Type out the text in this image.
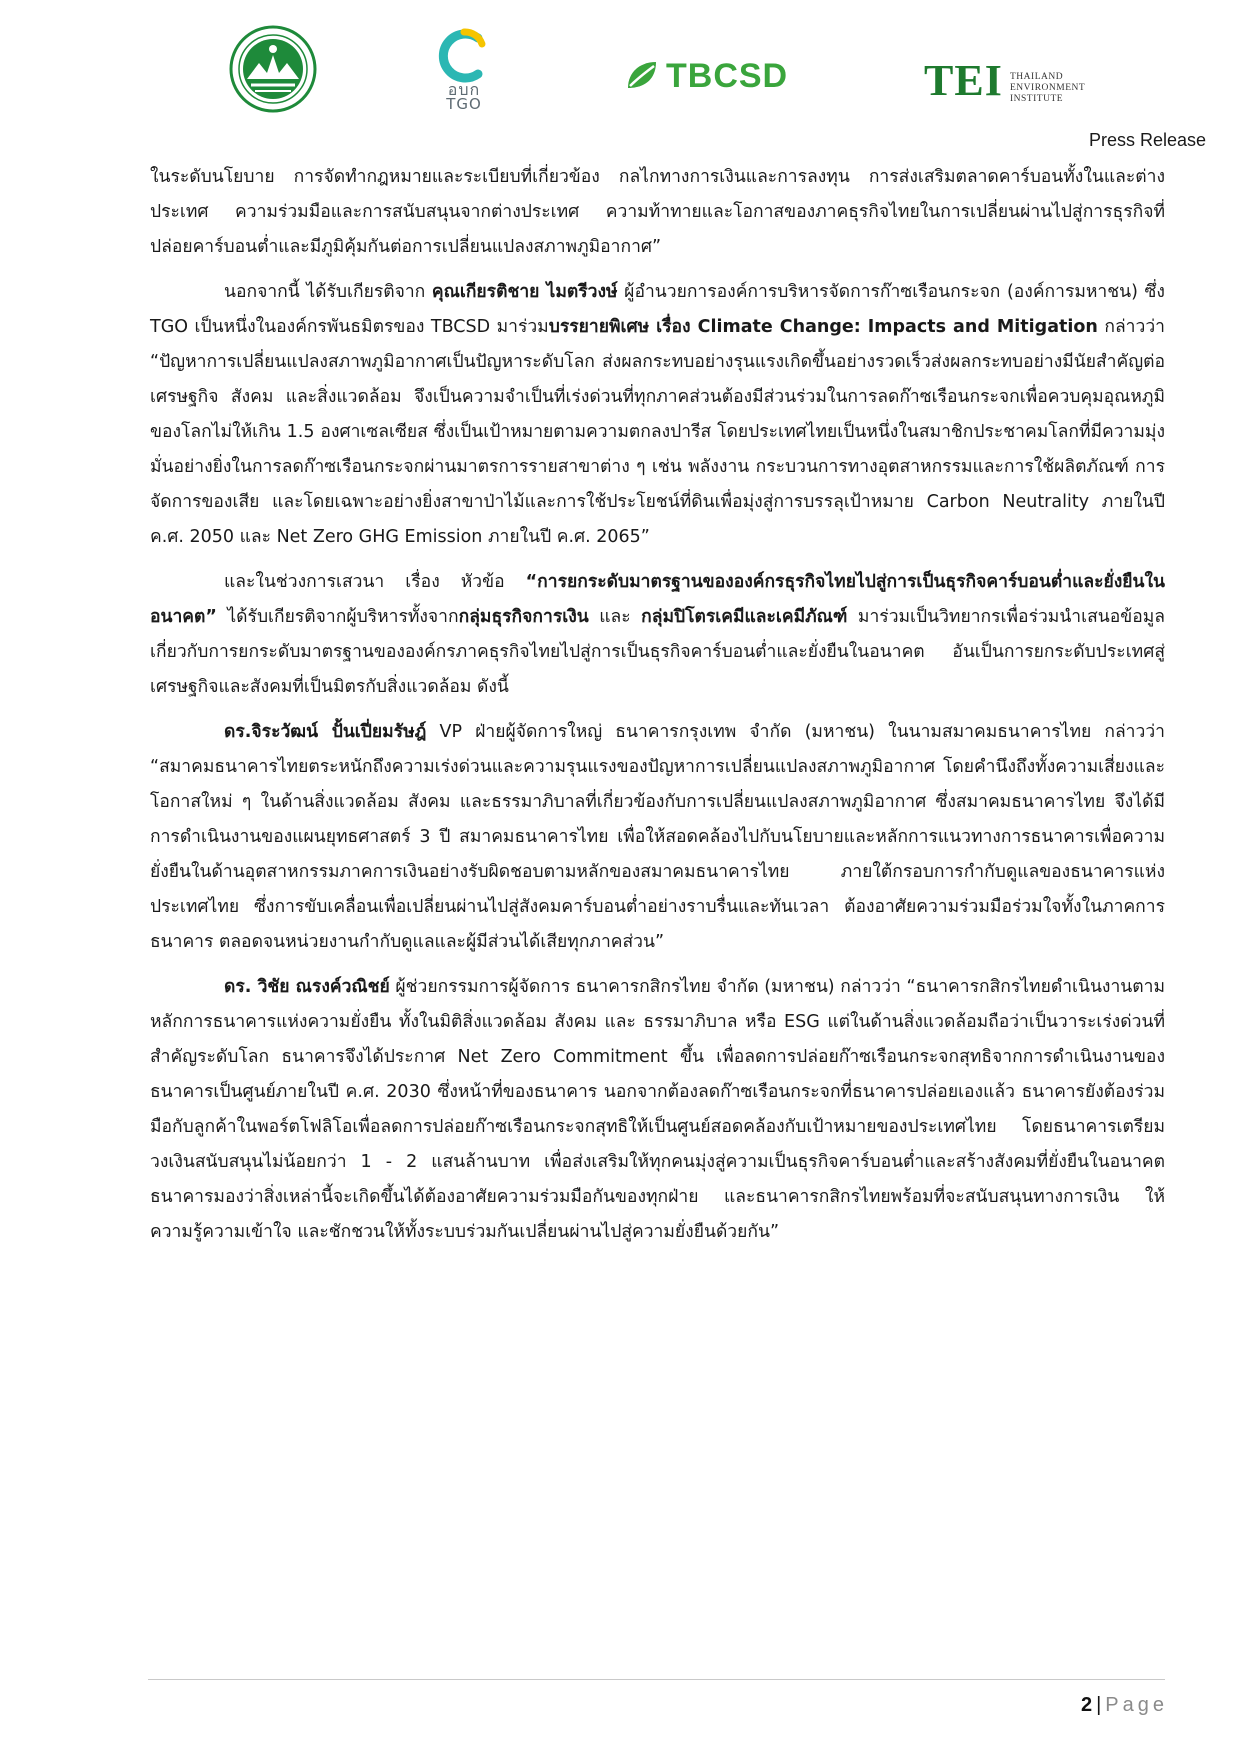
อบก
TGO
TBCSD	TEI THAILAND
ENVIRONMENT
INSTITUTE
Press Release

ในระดับนโยบาย การจัดทำกฎหมายและระเบียบที่เกี่ยวข้อง กลไกทางการเงินและการลงทุน การส่งเสริมตลาดคาร์บอนทั้งในและต่างประเทศ ความร่วมมือและการสนับสนุนจากต่างประเทศ ความท้าทายและโอกาสของภาคธุรกิจไทยในการเปลี่ยนผ่านไปสู่การธุรกิจที่ปล่อยคาร์บอนต่ำและมีภูมิคุ้มกันต่อการเปลี่ยนแปลงสภาพภูมิอากาศ”

นอกจากนี้ ได้รับเกียรติจาก คุณเกียรติชาย ไมตรีวงษ์ ผู้อำนวยการองค์การบริหารจัดการก๊าซเรือนกระจก (องค์การมหาชน) ซึ่ง TGO เป็นหนึ่งในองค์กรพันธมิตรของ TBCSD มาร่วมบรรยายพิเศษ เรื่อง Climate Change: Impacts and Mitigation กล่าวว่า “ปัญหาการเปลี่ยนแปลงสภาพภูมิอากาศเป็นปัญหาระดับโลก ส่งผลกระทบอย่างรุนแรงเกิดขึ้นอย่างรวดเร็วส่งผลกระทบอย่างมีนัยสำคัญต่อเศรษฐกิจ สังคม และสิ่งแวดล้อม จึงเป็นความจำเป็นที่เร่งด่วนที่ทุกภาคส่วนต้องมีส่วนร่วมในการลดก๊าซเรือนกระจกเพื่อควบคุมอุณหภูมิของโลกไม่ให้เกิน 1.5 องศาเซลเซียส ซึ่งเป็นเป้าหมายตามความตกลงปารีส โดยประเทศไทยเป็นหนึ่งในสมาชิกประชาคมโลกที่มีความมุ่งมั่นอย่างยิ่งในการลดก๊าซเรือนกระจกผ่านมาตรการรายสาขาต่าง ๆ เช่น พลังงาน กระบวนการทางอุตสาหกรรมและการใช้ผลิตภัณฑ์ การจัดการของเสีย และโดยเฉพาะอย่างยิ่งสาขาป่าไม้และการใช้ประโยชน์ที่ดินเพื่อมุ่งสู่การบรรลุเป้าหมาย Carbon Neutrality ภายในปี ค.ศ. 2050 และ Net Zero GHG Emission ภายในปี ค.ศ. 2065”

และในช่วงการเสวนา เรื่อง หัวข้อ “การยกระดับมาตรฐานขององค์กรธุรกิจไทยไปสู่การเป็นธุรกิจคาร์บอนต่ำและยั่งยืนในอนาคต” ได้รับเกียรติจากผู้บริหารทั้งจากกลุ่มธุรกิจการเงิน และ กลุ่มปิโตรเคมีและเคมีภัณฑ์ มาร่วมเป็นวิทยากรเพื่อร่วมนำเสนอข้อมูลเกี่ยวกับการยกระดับมาตรฐานขององค์กรภาคธุรกิจไทยไปสู่การเป็นธุรกิจคาร์บอนต่ำและยั่งยืนในอนาคต อันเป็นการยกระดับประเทศสู่เศรษฐกิจและสังคมที่เป็นมิตรกับสิ่งแวดล้อม ดังนี้

ดร.จิระวัฒน์ ปั้นเปี่ยมรัษฎ์ VP ฝ่ายผู้จัดการใหญ่ ธนาคารกรุงเทพ จำกัด (มหาชน) ในนามสมาคมธนาคารไทย กล่าวว่า “สมาคมธนาคารไทยตระหนักถึงความเร่งด่วนและความรุนแรงของปัญหาการเปลี่ยนแปลงสภาพภูมิอากาศ โดยคำนึงถึงทั้งความเสี่ยงและโอกาสใหม่ ๆ ในด้านสิ่งแวดล้อม สังคม และธรรมาภิบาลที่เกี่ยวข้องกับการเปลี่ยนแปลงสภาพภูมิอากาศ ซึ่งสมาคมธนาคารไทย จึงได้มีการดำเนินงานของแผนยุทธศาสตร์ 3 ปี สมาคมธนาคารไทย เพื่อให้สอดคล้องไปกับนโยบายและหลักการแนวทางการธนาคารเพื่อความยั่งยืนในด้านอุตสาหกรรมภาคการเงินอย่างรับผิดชอบตามหลักของสมาคมธนาคารไทย ภายใต้กรอบการกำกับดูแลของธนาคารแห่งประเทศไทย ซึ่งการขับเคลื่อนเพื่อเปลี่ยนผ่านไปสู่สังคมคาร์บอนต่ำอย่างราบรื่นและทันเวลา ต้องอาศัยความร่วมมือร่วมใจทั้งในภาคการธนาคาร ตลอดจนหน่วยงานกำกับดูแลและผู้มีส่วนได้เสียทุกภาคส่วน”

ดร. วิชัย ณรงค์วณิชย์ ผู้ช่วยกรรมการผู้จัดการ ธนาคารกสิกรไทย จำกัด (มหาชน) กล่าวว่า “ธนาคารกสิกรไทยดำเนินงานตามหลักการธนาคารแห่งความยั่งยืน ทั้งในมิติสิ่งแวดล้อม สังคม และ ธรรมาภิบาล หรือ ESG แต่ในด้านสิ่งแวดล้อมถือว่าเป็นวาระเร่งด่วนที่สำคัญระดับโลก ธนาคารจึงได้ประกาศ Net Zero Commitment ขึ้น เพื่อลดการปล่อยก๊าซเรือนกระจกสุทธิจากการดำเนินงานของธนาคารเป็นศูนย์ภายในปี ค.ศ. 2030 ซึ่งหน้าที่ของธนาคาร นอกจากต้องลดก๊าซเรือนกระจกที่ธนาคารปล่อยเองแล้ว ธนาคารยังต้องร่วมมือกับลูกค้าในพอร์ตโฟลิโอเพื่อลดการปล่อยก๊าซเรือนกระจกสุทธิให้เป็นศูนย์สอดคล้องกับเป้าหมายของประเทศไทย โดยธนาคารเตรียมวงเงินสนับสนุนไม่น้อยกว่า 1 - 2 แสนล้านบาท เพื่อส่งเสริมให้ทุกคนมุ่งสู่ความเป็นธุรกิจคาร์บอนต่ำและสร้างสังคมที่ยั่งยืนในอนาคต ธนาคารมองว่าสิ่งเหล่านี้จะเกิดขึ้นได้ต้องอาศัยความร่วมมือกันของทุกฝ่าย และธนาคารกสิกรไทยพร้อมที่จะสนับสนุนทางการเงิน ให้ความรู้ความเข้าใจ และชักชวนให้ทั้งระบบร่วมกันเปลี่ยนผ่านไปสู่ความยั่งยืนด้วยกัน”

2 | Page
